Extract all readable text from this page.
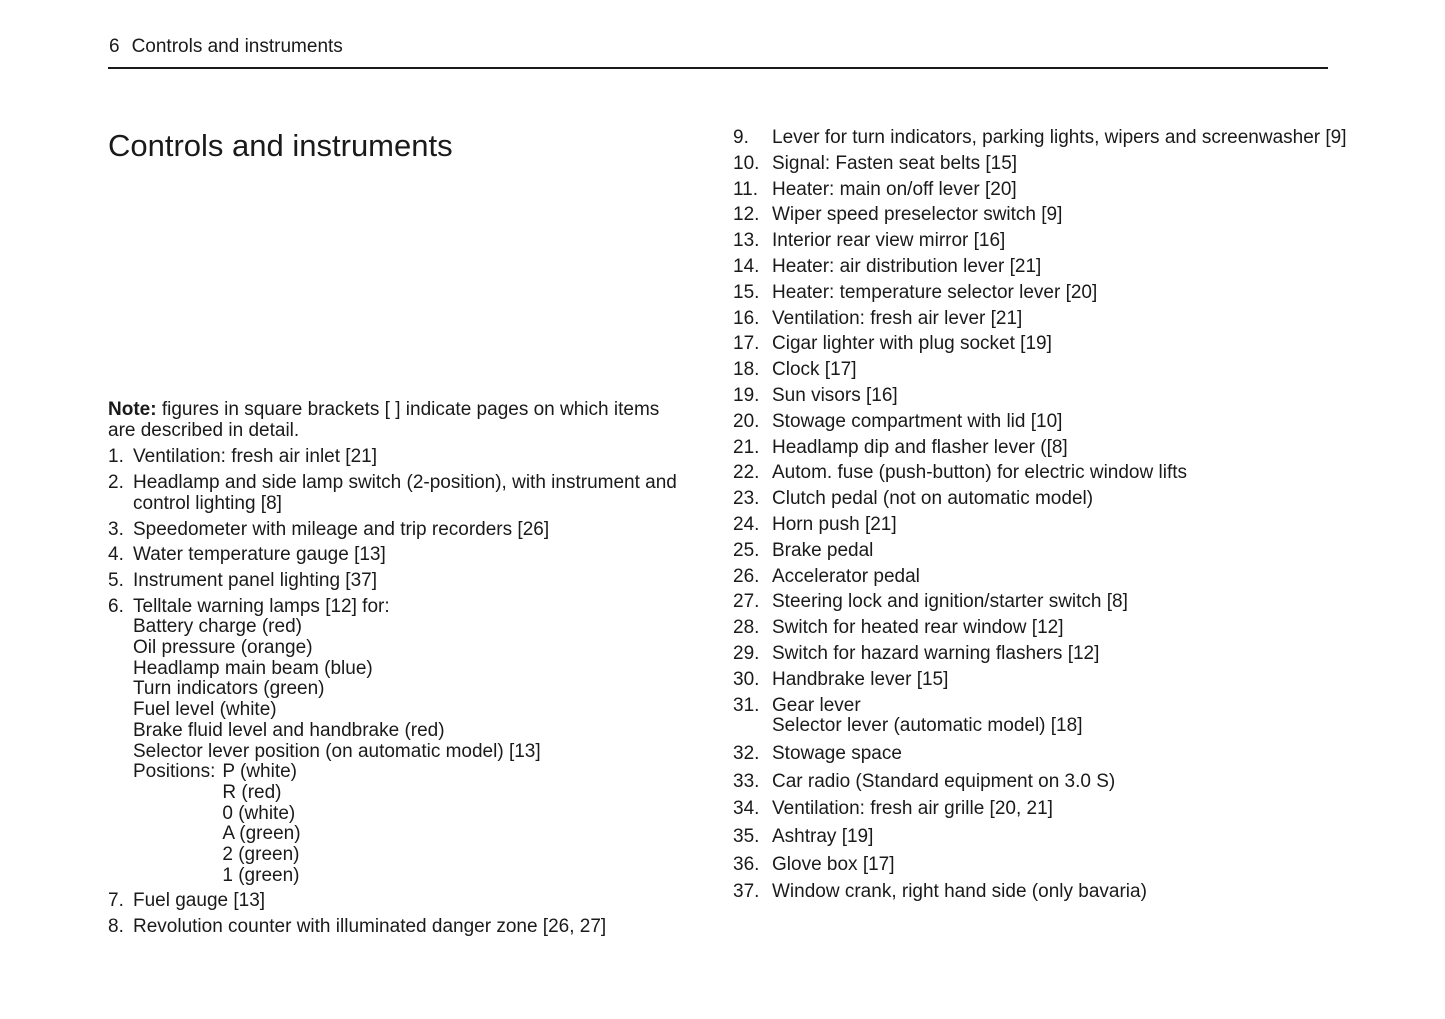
6 Controls and instruments
Controls and instruments

Note: figures in square brackets [ ] indicate pages on which items are described in detail.

1. Ventilation: fresh air inlet [21]
2. Headlamp and side lamp switch (2-position), with instrument and control lighting [8]
3. Speedometer with mileage and trip recorders [26]
4. Water temperature gauge [13]
5. Instrument panel lighting [37]
6. Telltale warning lamps [12] for:
Battery charge (red)
Oil pressure (orange)
Headlamp main beam (blue)
Turn indicators (green)
Fuel level (white)
Brake fluid level and handbrake (red)
Selector lever position (on automatic model) [13]
Positions: P (white)
R (red)
0 (white)
A (green)
2 (green)
1 (green)
7. Fuel gauge [13]
8. Revolution counter with illuminated danger zone [26, 27]
9. Lever for turn indicators, parking lights, wipers and screenwasher [9]
10. Signal: Fasten seat belts [15]
11. Heater: main on/off lever [20]
12. Wiper speed preselector switch [9]
13. Interior rear view mirror [16]
14. Heater: air distribution lever [21]
15. Heater: temperature selector lever [20]
16. Ventilation: fresh air lever [21]
17. Cigar lighter with plug socket [19]
18. Clock [17]
19. Sun visors [16]
20. Stowage compartment with lid [10]
21. Headlamp dip and flasher lever ([8]
22. Autom. fuse (push-button) for electric window lifts
23. Clutch pedal (not on automatic model)
24. Horn push [21]
25. Brake pedal
26. Accelerator pedal
27. Steering lock and ignition/starter switch [8]
28. Switch for heated rear window [12]
29. Switch for hazard warning flashers [12]
30. Handbrake lever [15]
31. Gear lever
Selector lever (automatic model) [18]
32. Stowage space
33. Car radio (Standard equipment on 3.0 S)
34. Ventilation: fresh air grille [20, 21]
35. Ashtray [19]
36. Glove box [17]
37. Window crank, right hand side (only bavaria)
